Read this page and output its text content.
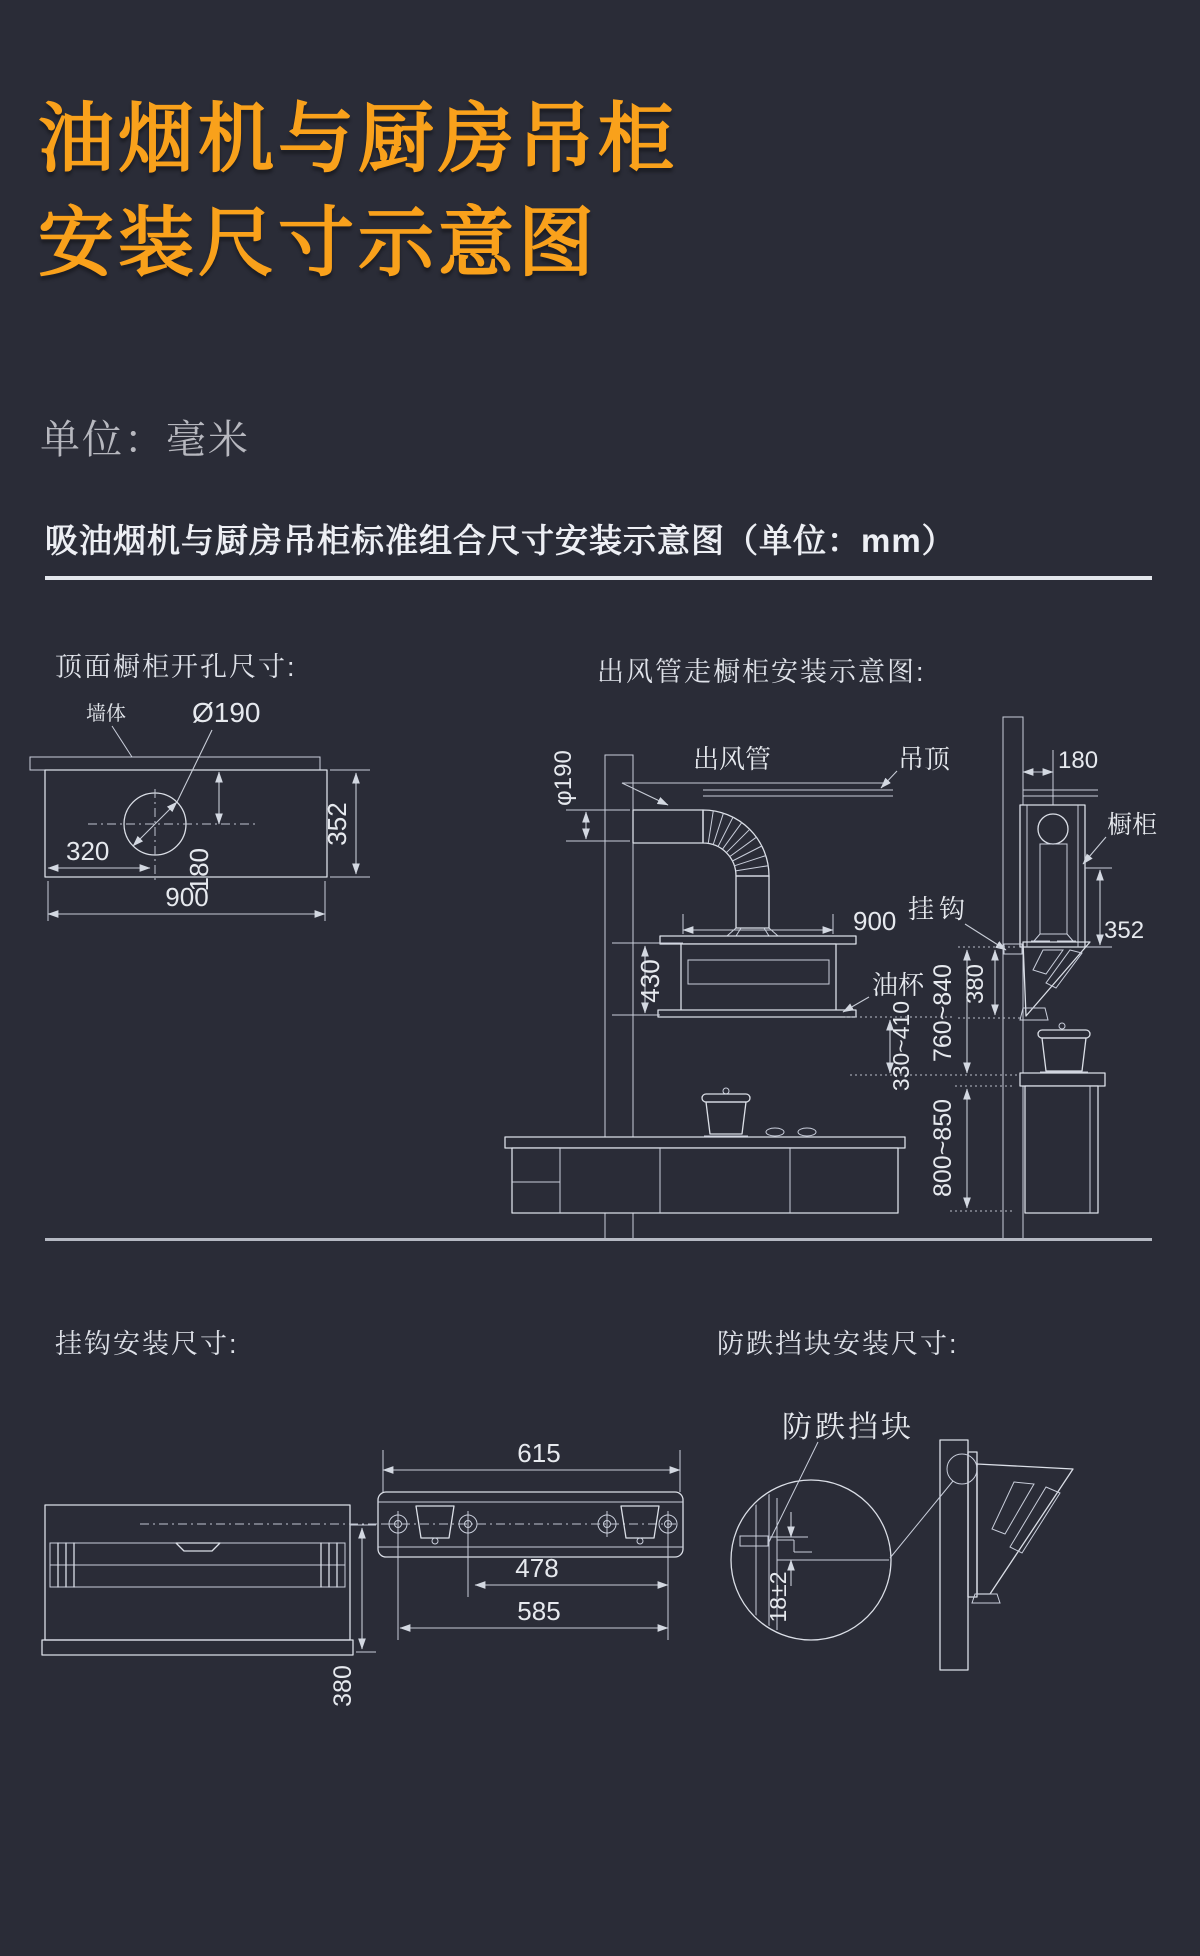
油烟机与厨房吊柜
安装尺寸示意图
单位：毫米
吸油烟机与厨房吊柜标准组合尺寸安装示意图（单位：mm）
顶面橱柜开孔尺寸:	出风管走橱柜安装示意图:
挂钩安装尺寸:	防跌挡块安装尺寸:
Ø190
墙体
320	180
352
900
φ190	出风管	吊顶	180
橱柜
352
900
430
挂钩
油杯 380
760~840
330~410
800~850
380
615
478
585
防跌挡块
18±2
